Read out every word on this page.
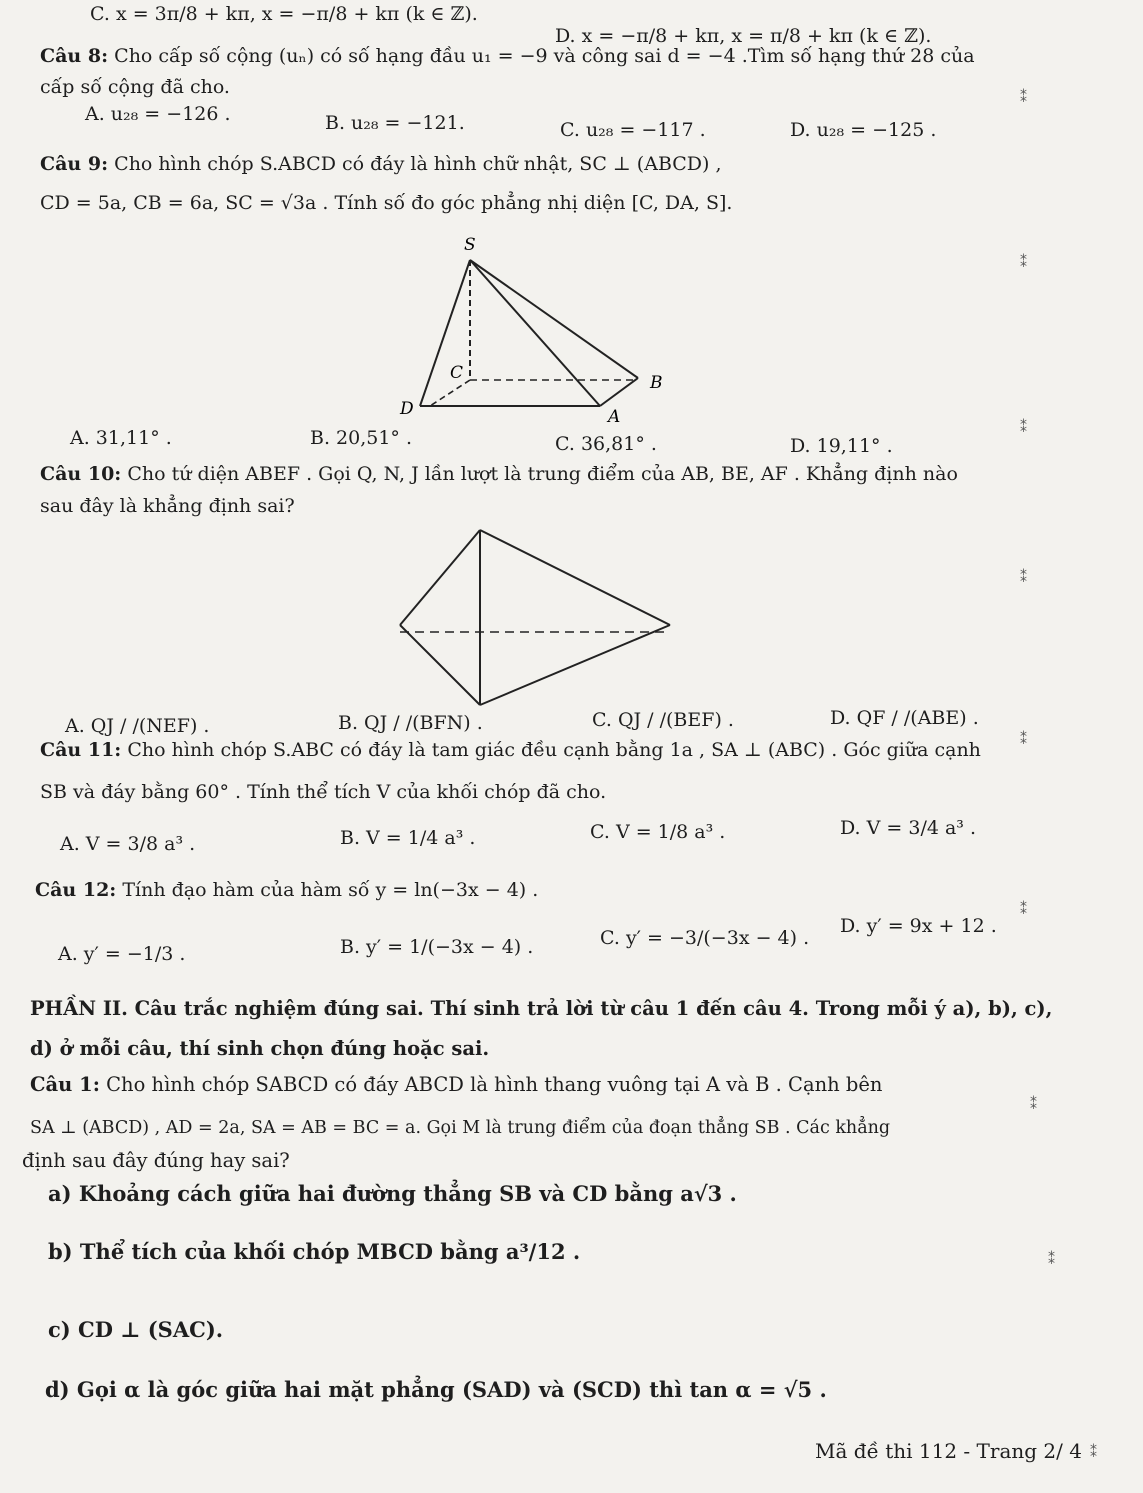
C. x = 3π/8 + kπ, x = −π/8 + kπ (k ∈ ℤ).
D. x = −π/8 + kπ, x = π/8 + kπ (k ∈ ℤ).
Câu 8: Cho cấp số cộng (uₙ) có số hạng đầu u₁ = −9 và công sai d = −4 .Tìm số hạng thứ 28 của
cấp số cộng đã cho.
A. u₂₈ = −126 .	B. u₂₈ = −121.	C. u₂₈ = −117 .	D. u₂₈ = −125 .
Câu 9: Cho hình chóp S.ABCD có đáy là hình chữ nhật, SC ⊥ (ABCD) ,
CD = 5a, CB = 6a, SC = √3a . Tính số đo góc phẳng nhị diện [C, DA, S].
S
C	B
D	A
A. 31,11° .	B. 20,51° .	C. 36,81° .	D. 19,11° .
Câu 10: Cho tứ diện ABEF . Gọi Q, N, J lần lượt là trung điểm của AB, BE, AF . Khẳng định nào
sau đây là khẳng định sai?
A. QJ / /(NEF) .	B. QJ / /(BFN) .	C. QJ / /(BEF) .	D. QF / /(ABE) .
Câu 11: Cho hình chóp S.ABC có đáy là tam giác đều cạnh bằng 1a , SA ⊥ (ABC) . Góc giữa cạnh
SB và đáy bằng 60° . Tính thể tích V của khối chóp đã cho.
A. V = 3/8 a³ .	B. V = 1/4 a³ .	C. V = 1/8 a³ .	D. V = 3/4 a³ .
Câu 12: Tính đạo hàm của hàm số y = ln(−3x − 4) .
A. y′ = −1/3 .	B. y′ = 1/(−3x − 4) .	C. y′ = −3/(−3x − 4) .
D. y′ = 9x + 12 .
PHẦN II. Câu trắc nghiệm đúng sai. Thí sinh trả lời từ câu 1 đến câu 4. Trong mỗi ý a), b), c),
d) ở mỗi câu, thí sinh chọn đúng hoặc sai.
Câu 1: Cho hình chóp SABCD có đáy ABCD là hình thang vuông tại A và B . Cạnh bên
SA ⊥ (ABCD) , AD = 2a, SA = AB = BC = a. Gọi M là trung điểm của đoạn thẳng SB . Các khẳng
định sau đây đúng hay sai?
a) Khoảng cách giữa hai đường thẳng SB và CD bằng a√3 .
b) Thể tích của khối chóp MBCD bằng a³/12 .
c) CD ⊥ (SAC).
d) Gọi α là góc giữa hai mặt phẳng (SAD) và (SCD) thì tan α = √5 .
Mã đề thi 112 - Trang 2/ 4
⁑
⁑
⁑
⁑
⁑
⁑
⁑
⁑
⁑
